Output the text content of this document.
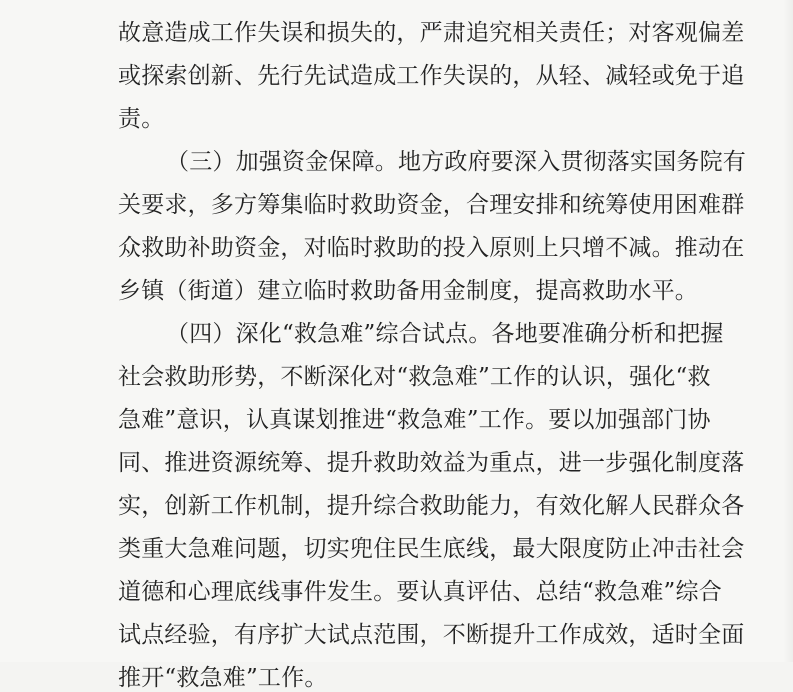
故意造成工作失误和损失的，严肃追究相关责任；对客观偏差
或探索创新、先行先试造成工作失误的，从轻、减轻或免于追
责。
（三）加强资金保障。地方政府要深入贯彻落实国务院有
关要求，多方筹集临时救助资金，合理安排和统筹使用困难群
众救助补助资金，对临时救助的投入原则上只增不减。推动在
乡镇（街道）建立临时救助备用金制度，提高救助水平。
（四）深化“救急难”综合试点。各地要准确分析和把握
社会救助形势，不断深化对“救急难”工作的认识，强化“救
急难”意识，认真谋划推进“救急难”工作。要以加强部门协
同、推进资源统筹、提升救助效益为重点，进一步强化制度落
实，创新工作机制，提升综合救助能力，有效化解人民群众各
类重大急难问题，切实兜住民生底线，最大限度防止冲击社会
道德和心理底线事件发生。要认真评估、总结“救急难”综合
试点经验，有序扩大试点范围，不断提升工作成效，适时全面
推开“救急难”工作。
